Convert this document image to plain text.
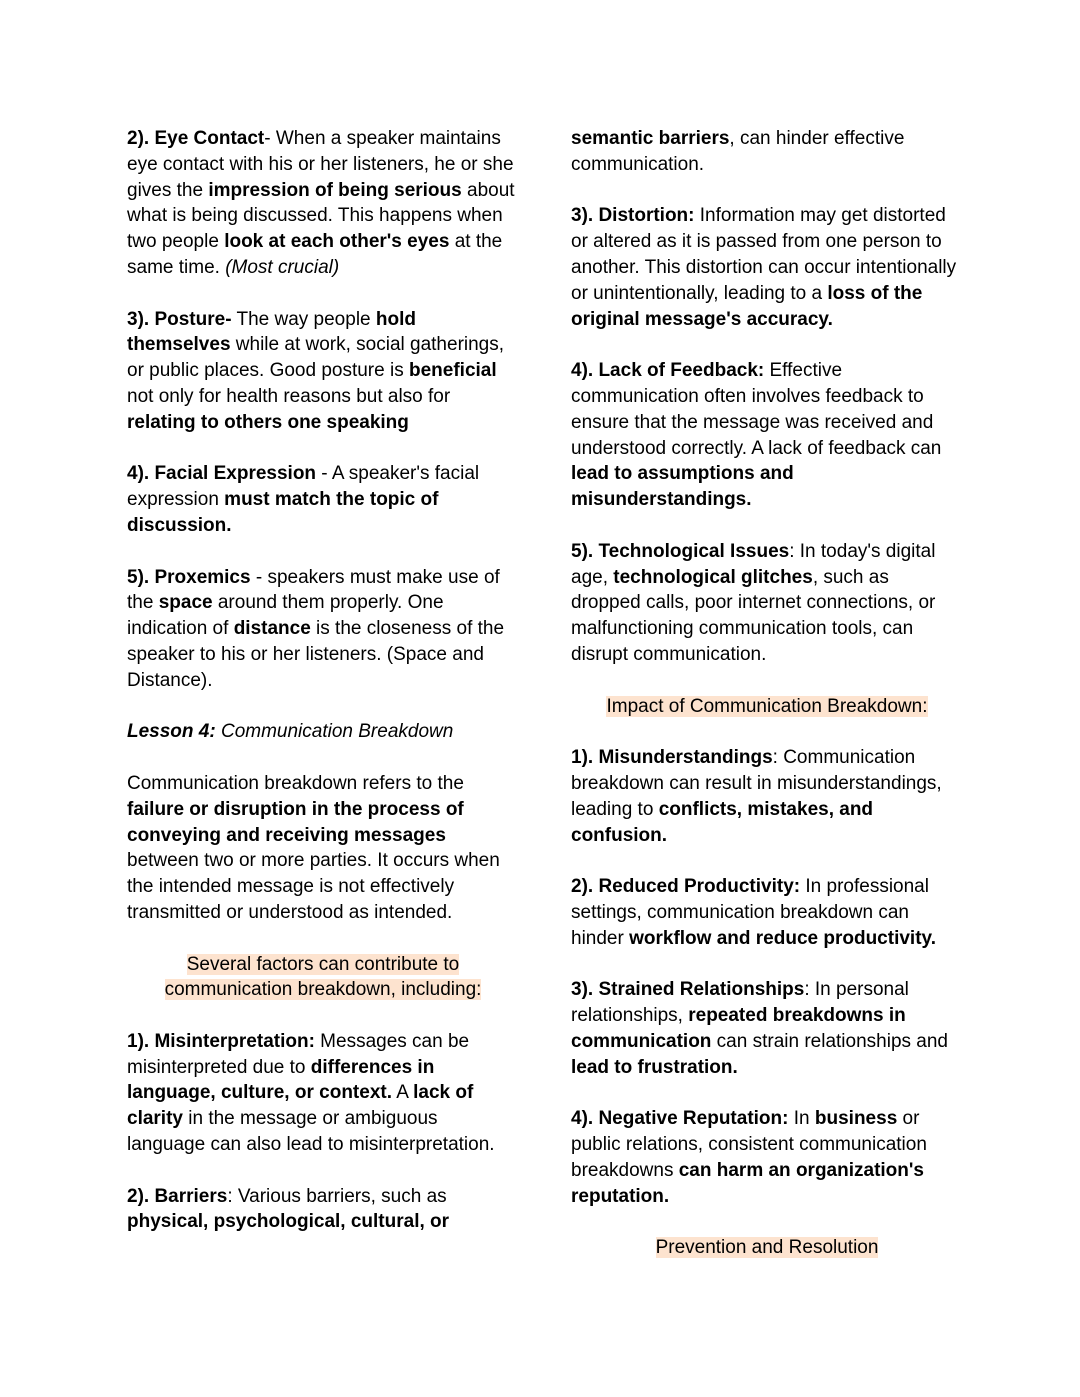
2). Eye Contact- When a speaker maintains eye contact with his or her listeners, he or she gives the impression of being serious about what is being discussed. This happens when two people look at each other's eyes at the same time. (Most crucial)

3). Posture- The way people hold themselves while at work, social gatherings, or public places. Good posture is beneficial not only for health reasons but also for relating to others one speaking

4). Facial Expression - A speaker's facial expression must match the topic of discussion.

5). Proxemics - speakers must make use of the space around them properly. One indication of distance is the closeness of the speaker to his or her listeners. (Space and Distance).

Lesson 4: Communication Breakdown

Communication breakdown refers to the failure or disruption in the process of conveying and receiving messages between two or more parties. It occurs when the intended message is not effectively transmitted or understood as intended.

Several factors can contribute to
communication breakdown, including:

1). Misinterpretation: Messages can be misinterpreted due to differences in language, culture, or context. A lack of clarity in the message or ambiguous language can also lead to misinterpretation.

2). Barriers: Various barriers, such as physical, psychological, cultural, or

semantic barriers, can hinder effective communication.

3). Distortion: Information may get distorted or altered as it is passed from one person to another. This distortion can occur intentionally or unintentionally, leading to a loss of the original message's accuracy.

4). Lack of Feedback: Effective communication often involves feedback to ensure that the message was received and understood correctly. A lack of feedback can lead to assumptions and misunderstandings.

5). Technological Issues: In today's digital age, technological glitches, such as dropped calls, poor internet connections, or malfunctioning communication tools, can disrupt communication.

Impact of Communication Breakdown:

1). Misunderstandings: Communication breakdown can result in misunderstandings, leading to conflicts, mistakes, and confusion.

2). Reduced Productivity: In professional settings, communication breakdown can hinder workflow and reduce productivity.

3). Strained Relationships: In personal relationships, repeated breakdowns in communication can strain relationships and lead to frustration.

4). Negative Reputation: In business or public relations, consistent communication breakdowns can harm an organization's reputation.

Prevention and Resolution
